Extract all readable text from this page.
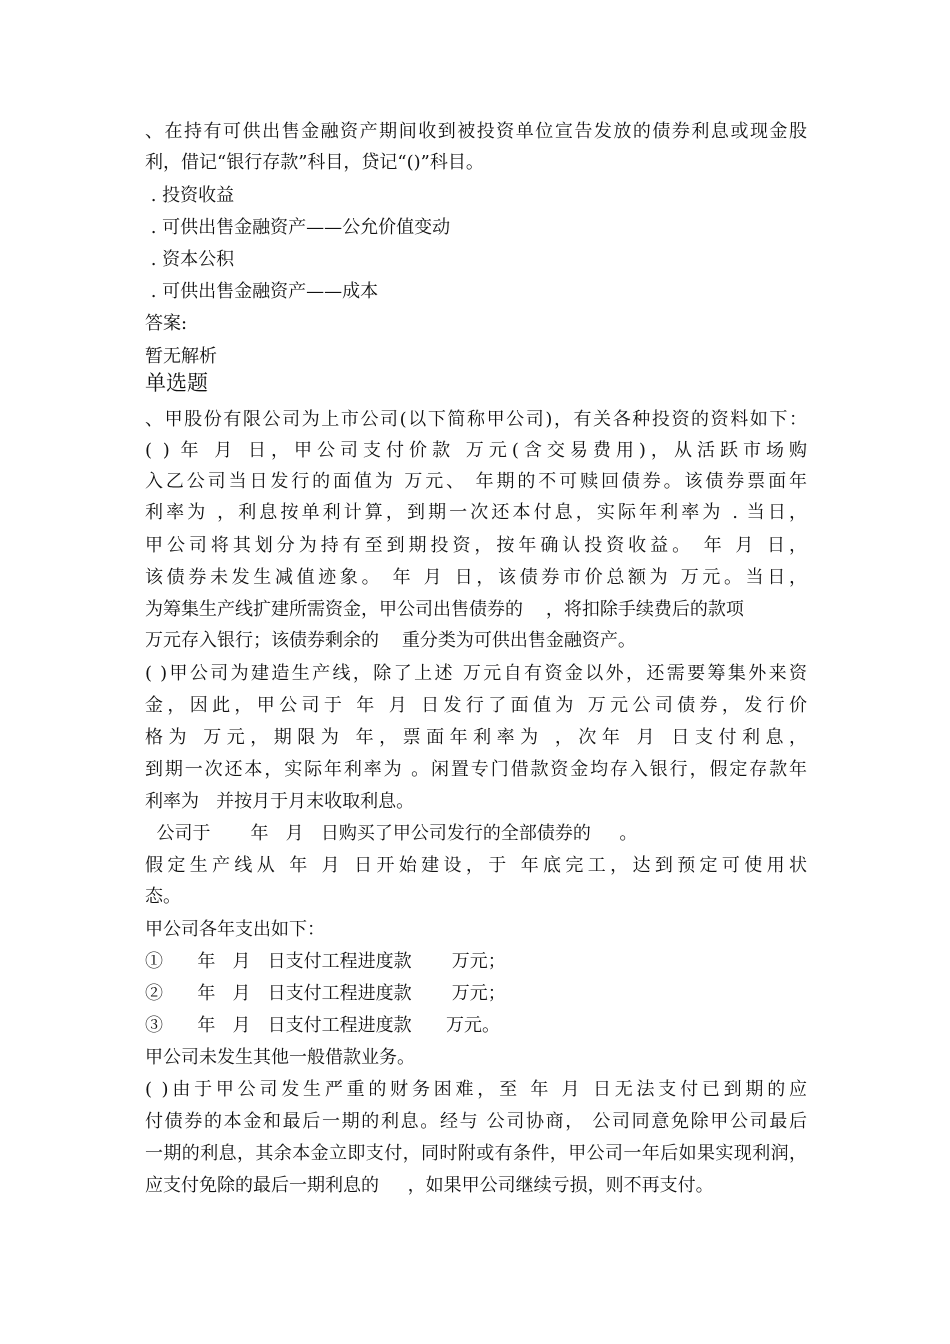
、在持有可供出售金融资产期间收到被投资单位宣告发放的债券利息或现金股
利，借记“银行存款”科目，贷记“()”科目。
. 投资收益
. 可供出售金融资产——公允价值变动
. 资本公积
. 可供出售金融资产——成本
答案:
暂无解析
单选题
、甲股份有限公司为上市公司(以下简称甲公司)，有关各种投资的资料如下：
( ) 年 月 日，甲公司支付价款 万元(含交易费用)，从活跃市场购
入乙公司当日发行的面值为 万元、 年期的不可赎回债券。该债券票面年
利率为 ，利息按单利计算，到期一次还本付息，实际年利率为 . 当日，
甲公司将其划分为持有至到期投资，按年确认投资收益。 年 月 日，
该债券未发生减值迹象。 年 月 日，该债券市价总额为 万元。当日，
为筹集生产线扩建所需资金，甲公司出售债券的    ，将扣除手续费后的款项
万元存入银行；该债券剩余的    重分类为可供出售金融资产。
( )甲公司为建造生产线，除了上述 万元自有资金以外，还需要筹集外来资
金，因此，甲公司于 年 月 日发行了面值为 万元公司债券，发行价
格为 万元，期限为 年，票面年利率为 ，次年 月 日支付利息，
到期一次还本，实际年利率为 。闲置专门借款资金均存入银行，假定存款年
利率为   并按月于月末收取利息。
公司于       年   月   日购买了甲公司发行的全部债券的     。
假定生产线从 年 月 日开始建设，于 年底完工，达到预定可使用状
态。
甲公司各年支出如下：
①      年   月   日支付工程进度款       万元；
②      年   月   日支付工程进度款       万元；
③      年   月   日支付工程进度款      万元。
甲公司未发生其他一般借款业务。
( )由于甲公司发生严重的财务困难，至 年 月 日无法支付已到期的应
付债券的本金和最后一期的利息。经与 公司协商， 公司同意免除甲公司最后
一期的利息，其余本金立即支付，同时附或有条件，甲公司一年后如果实现利润，
应支付免除的最后一期利息的     ，如果甲公司继续亏损，则不再支付。
